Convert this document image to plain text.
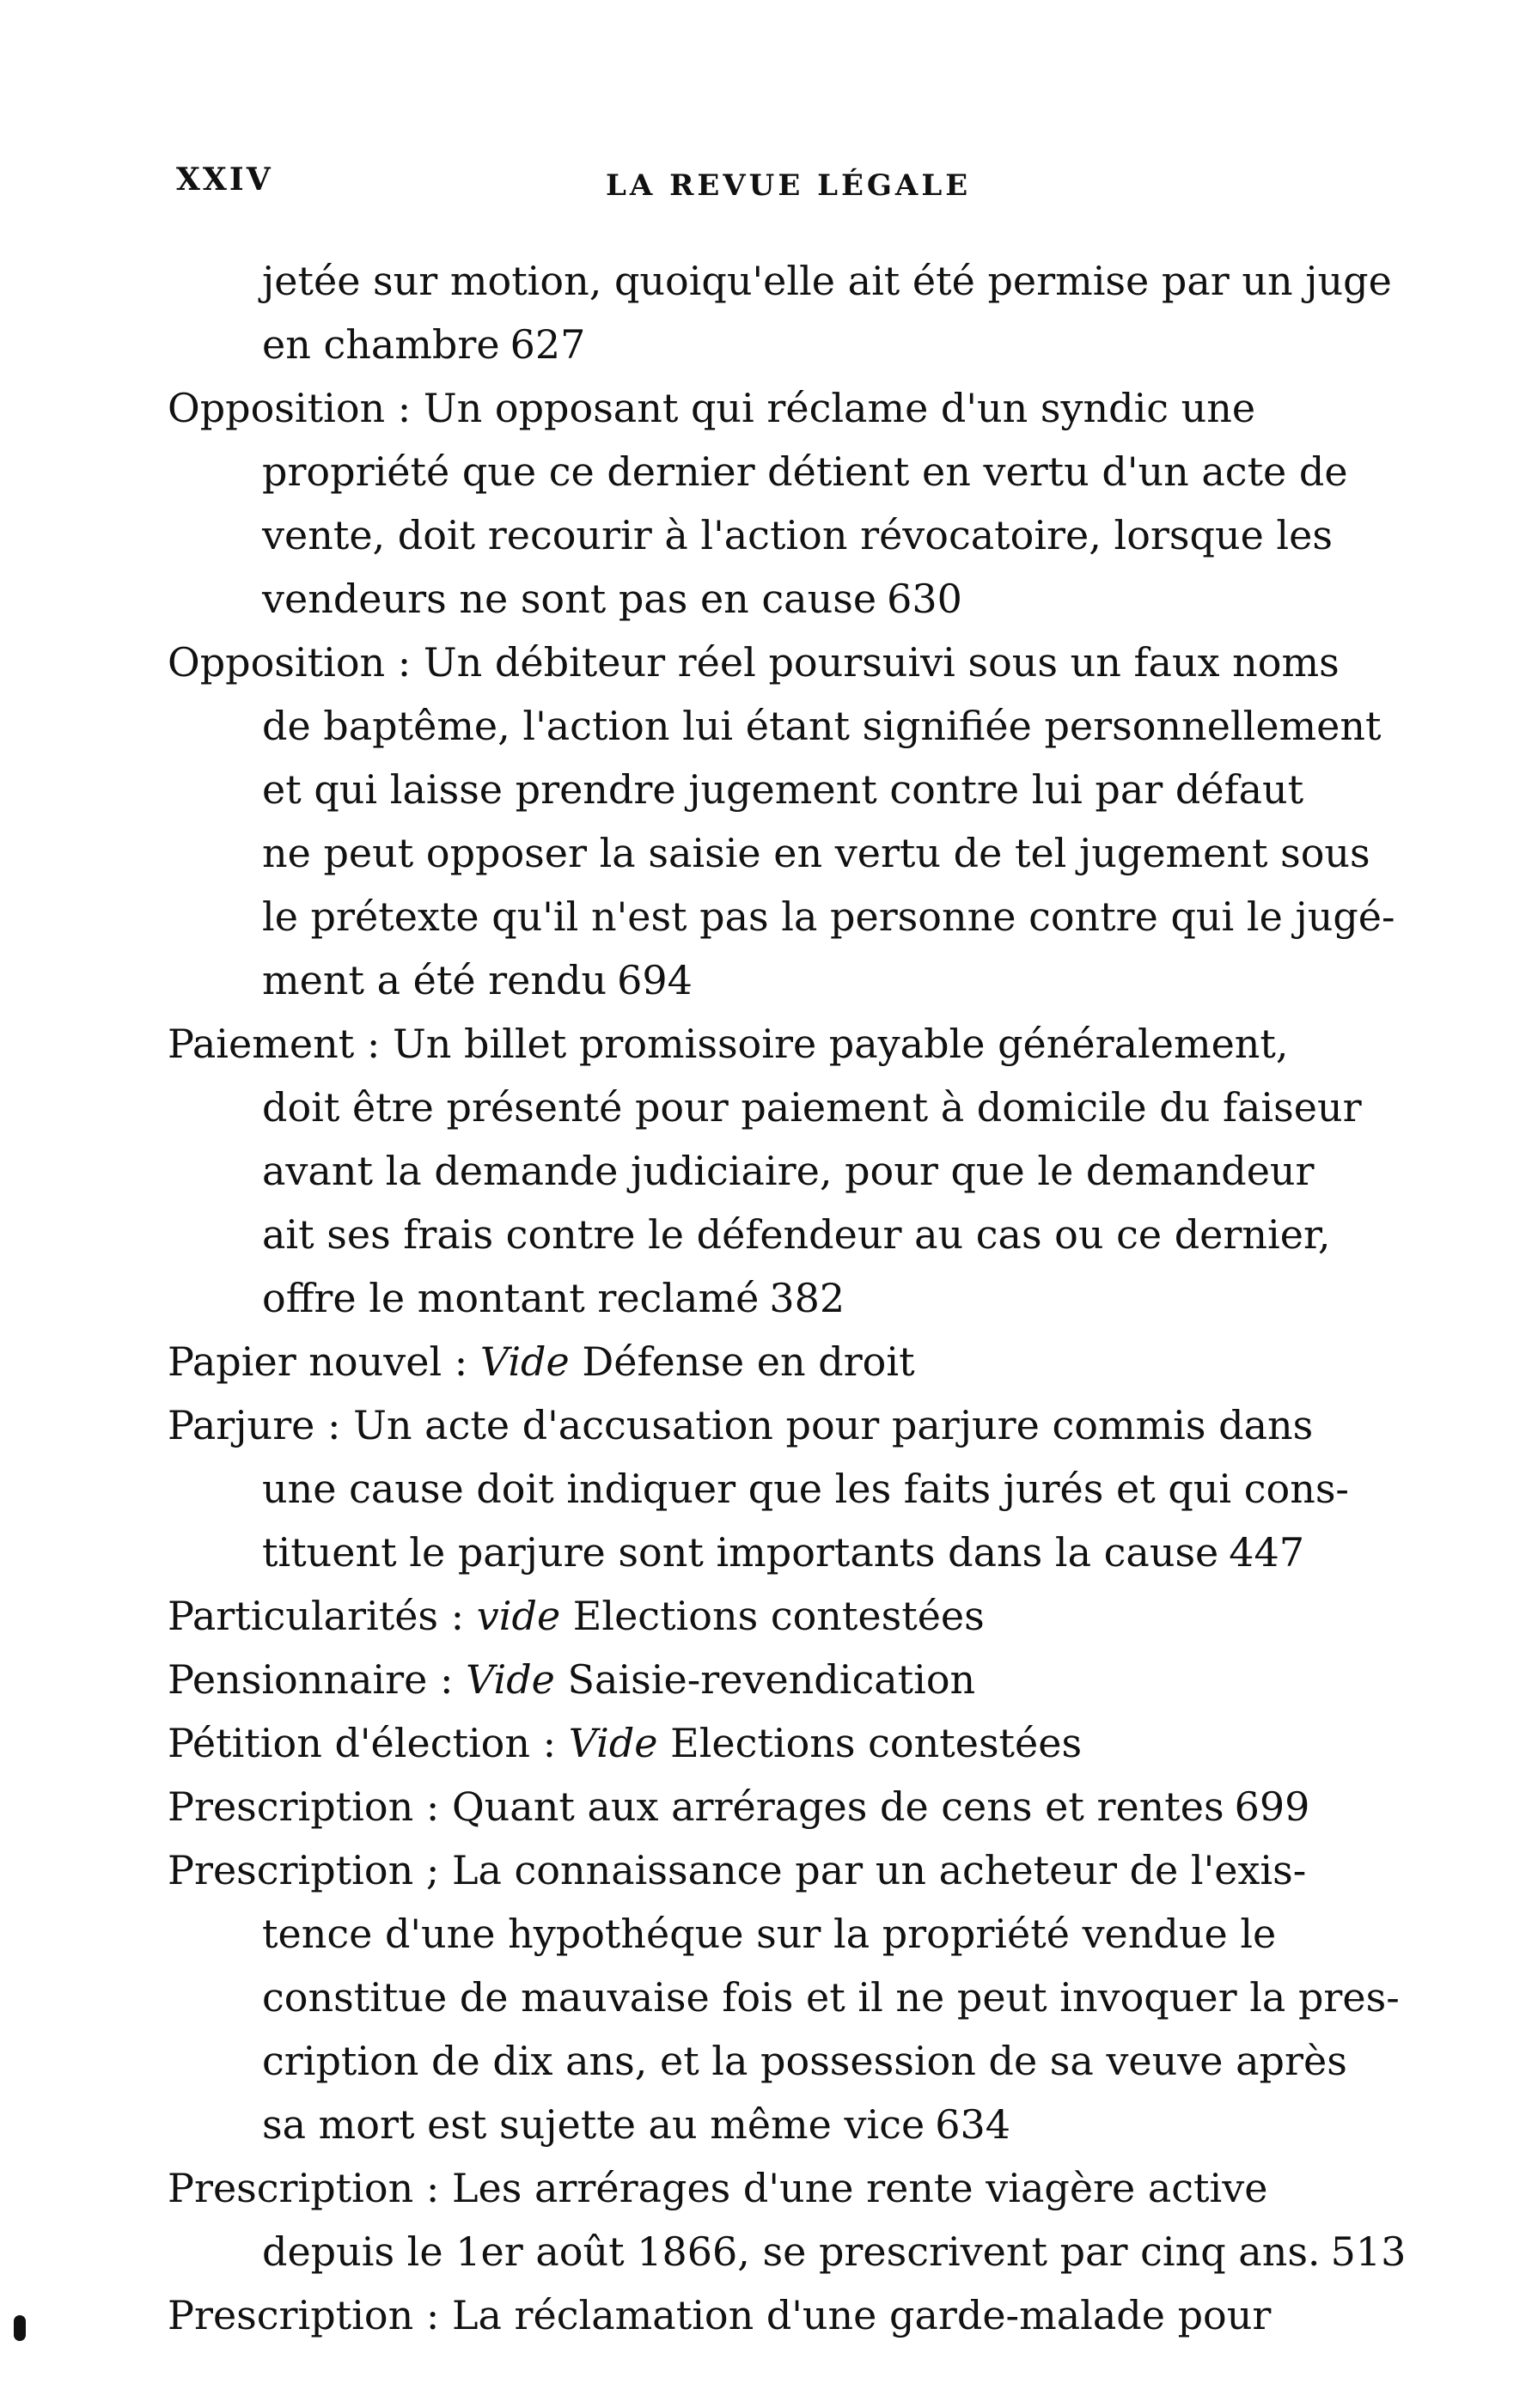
XXIV	LA REVUE LÉGALE
jetée sur motion, quoiqu'elle ait été permise par un juge
en chambre 627
Opposition : Un opposant qui réclame d'un syndic une
propriété que ce dernier détient en vertu d'un acte de
vente, doit recourir à l'action révocatoire, lorsque les
vendeurs ne sont pas en cause 630
Opposition : Un débiteur réel poursuivi sous un faux noms
de baptême, l'action lui étant signifiée personnellement
et qui laisse prendre jugement contre lui par défaut
ne peut opposer la saisie en vertu de tel jugement sous
le prétexte qu'il n'est pas la personne contre qui le jugé-
ment a été rendu 694
Paiement : Un billet promissoire payable généralement,
doit être présenté pour paiement à domicile du faiseur
avant la demande judiciaire, pour que le demandeur
ait ses frais contre le défendeur au cas ou ce dernier,
offre le montant reclamé 382
Papier nouvel : Vide Défense en droit
Parjure : Un acte d'accusation pour parjure commis dans
une cause doit indiquer que les faits jurés et qui cons-
tituent le parjure sont importants dans la cause 447
Particularités : vide Elections contestées
Pensionnaire : Vide Saisie-revendication
Pétition d'élection : Vide Elections contestées
Prescription : Quant aux arrérages de cens et rentes 699
Prescription ; La connaissance par un acheteur de l'exis-
tence d'une hypothéque sur la propriété vendue le
constitue de mauvaise fois et il ne peut invoquer la pres-
cription de dix ans, et la possession de sa veuve après
sa mort est sujette au même vice 634
Prescription : Les arrérages d'une rente viagère active
depuis le 1er août 1866, se prescrivent par cinq ans. 513
Prescription : La réclamation d'une garde-malade pour
